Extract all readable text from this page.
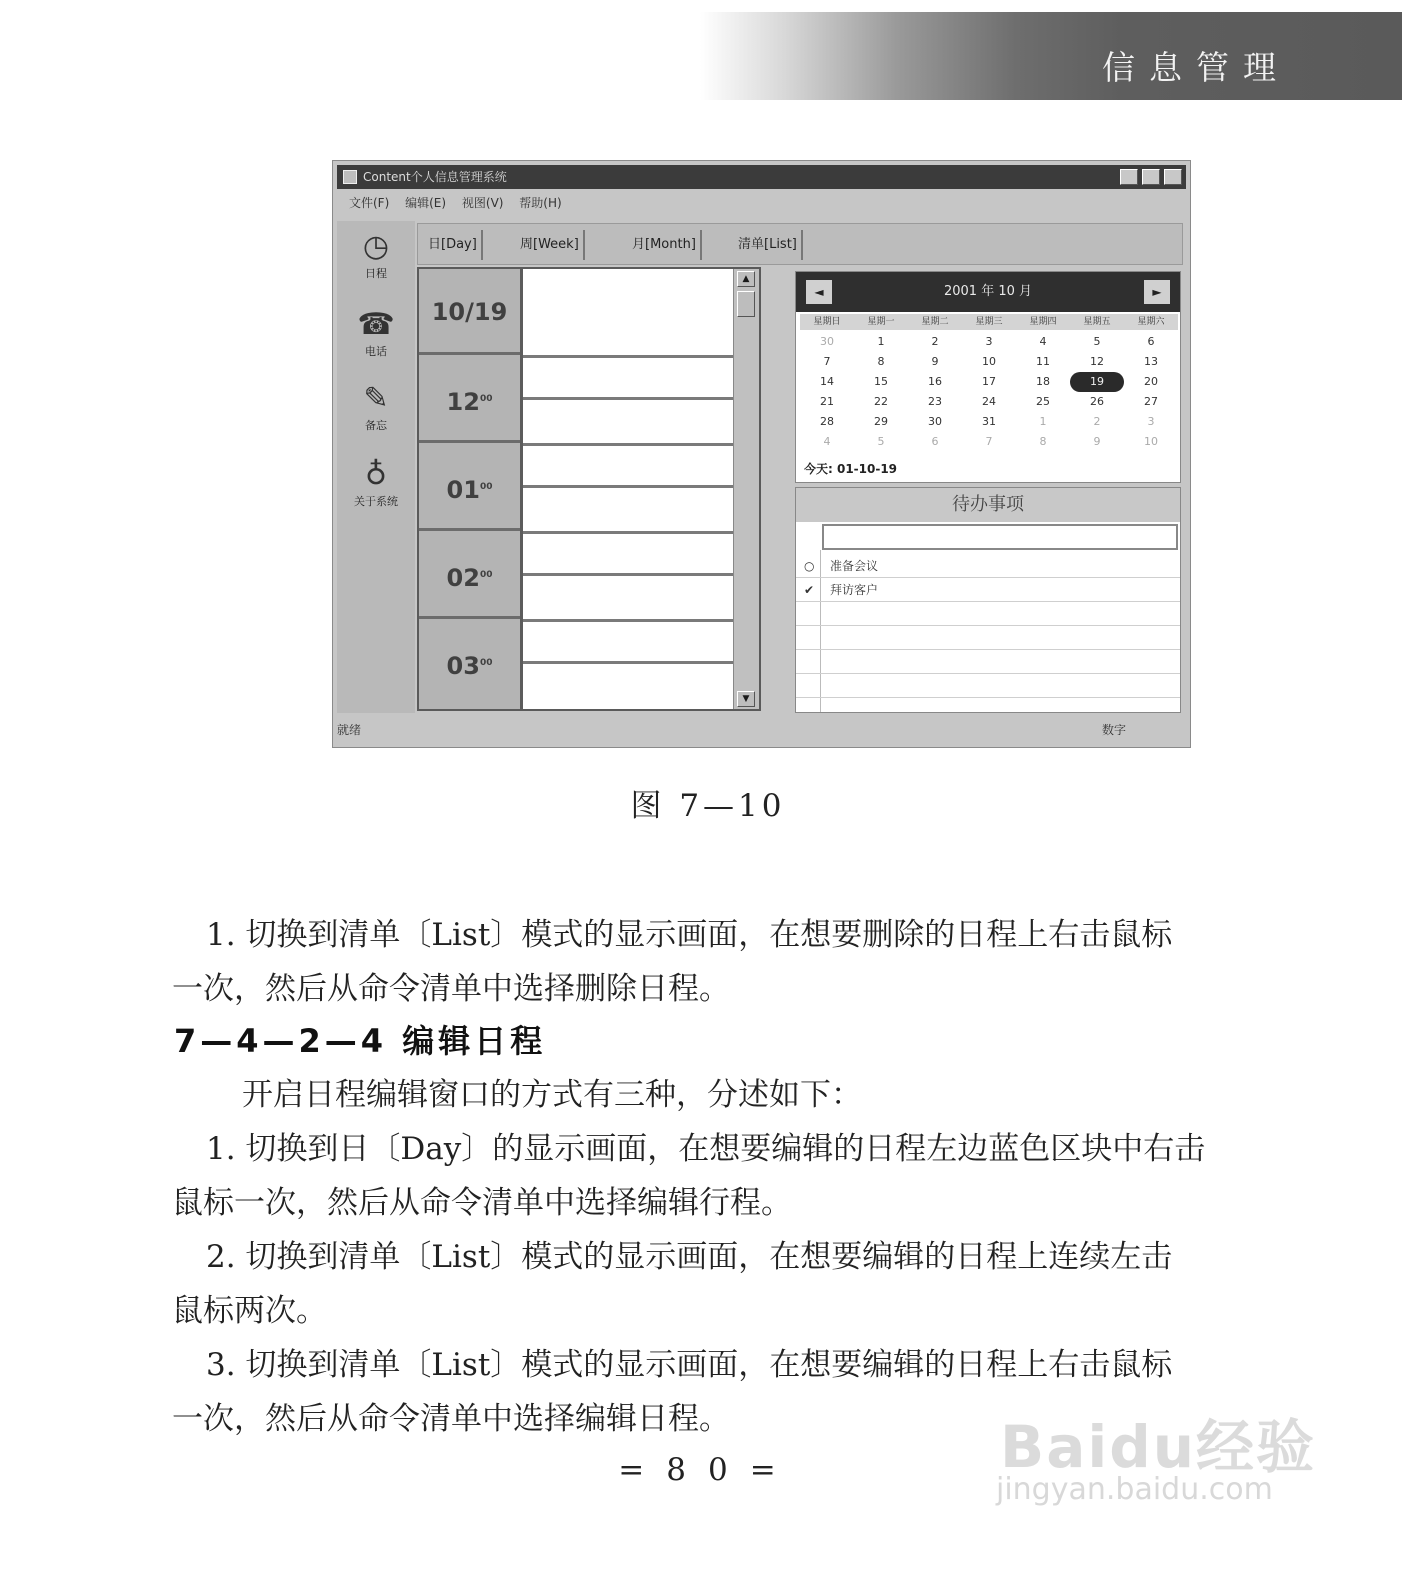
信息管理
Content个人信息管理系统
文件(F) 编辑(E) 视图(V) 帮助(H)
◷
日程
☎
电话
✎
备忘
♁
关于系统
日[Day]	周[Week]	月[Month]	清单[List]
10/19
$12^{00}$
$01^{00}$
$02^{00}$
$03^{00}$
▲
▼
◄	2001 年 10 月	►
星期日	星期一	星期二	星期三	星期四	星期五	星期六
30	1	2	3	4	5	6
7	8	9	10	11	12	13
14	15	16	17	18	19	20
21	22	23	24	25	26	27
28	29	30	31	1	2	3
4	5	6	7	8	9	10
今天: 01-10-19
待办事项
○ 准备会议
✔ 拜访客户
就绪	数字
图 7—10

1. 切换到清单〔List〕模式的显示画面，在想要删除的日程上右击鼠标

一次，然后从命令清单中选择删除日程。

7—4—2—4 编辑日程

开启日程编辑窗口的方式有三种，分述如下：

1. 切换到日〔Day〕的显示画面，在想要编辑的日程左边蓝色区块中右击

鼠标一次，然后从命令清单中选择编辑行程。

2. 切换到清单〔List〕模式的显示画面，在想要编辑的日程上连续左击

鼠标两次。

3. 切换到清单〔List〕模式的显示画面，在想要编辑的日程上右击鼠标

一次，然后从命令清单中选择编辑日程。

=80=	Baidu经验
jingyan.baidu.com
